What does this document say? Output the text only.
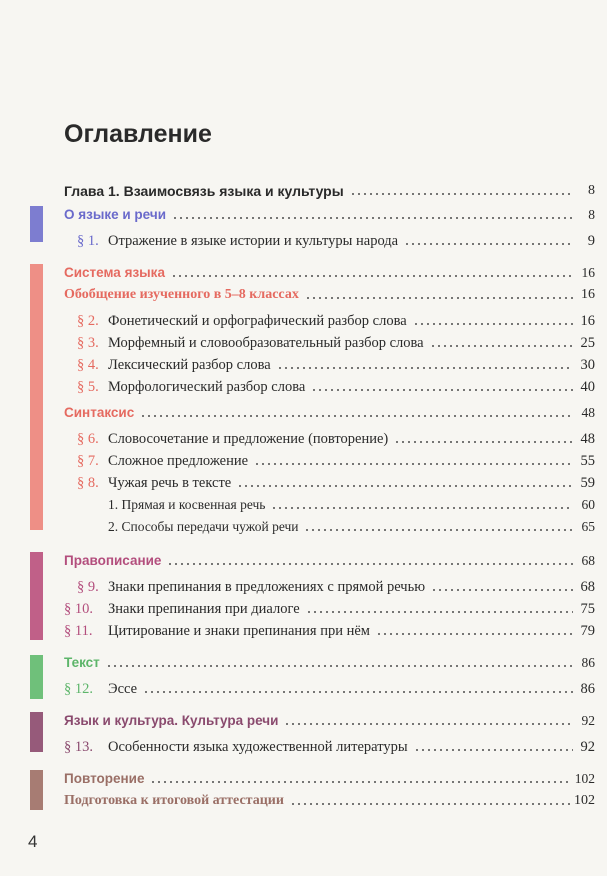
Оглавление
Глава 1. Взаимосвязь языка и культуры	8
О языке и речи	8
§ 1. Отражение в языке истории и культуры народа	9
Система языка	16
Обобщение изученного в 5–8 классах	16
§ 2. Фонетический и орфографический разбор слова	16
§ 3. Морфемный и словообразовательный разбор слова	25
§ 4. Лексический разбор слова	30
§ 5. Морфологический разбор слова	40
Синтаксис	48
§ 6. Словосочетание и предложение (повторение)	48
§ 7. Сложное предложение	55
§ 8. Чужая речь в тексте	59
1. Прямая и косвенная речь	60
2. Способы передачи чужой речи	65
Правописание	68
§ 9. Знаки препинания в предложениях с прямой речью	68
§ 10.	Знаки препинания при диалоге	75
§ 11.	Цитирование и знаки препинания при нём	79
Текст	86
§ 12.	Эссе	86
Язык и культура. Культура речи	92
§ 13.	Особенности языка художественной литературы	92
Повторение	102
Подготовка к итоговой аттестации	102
4
